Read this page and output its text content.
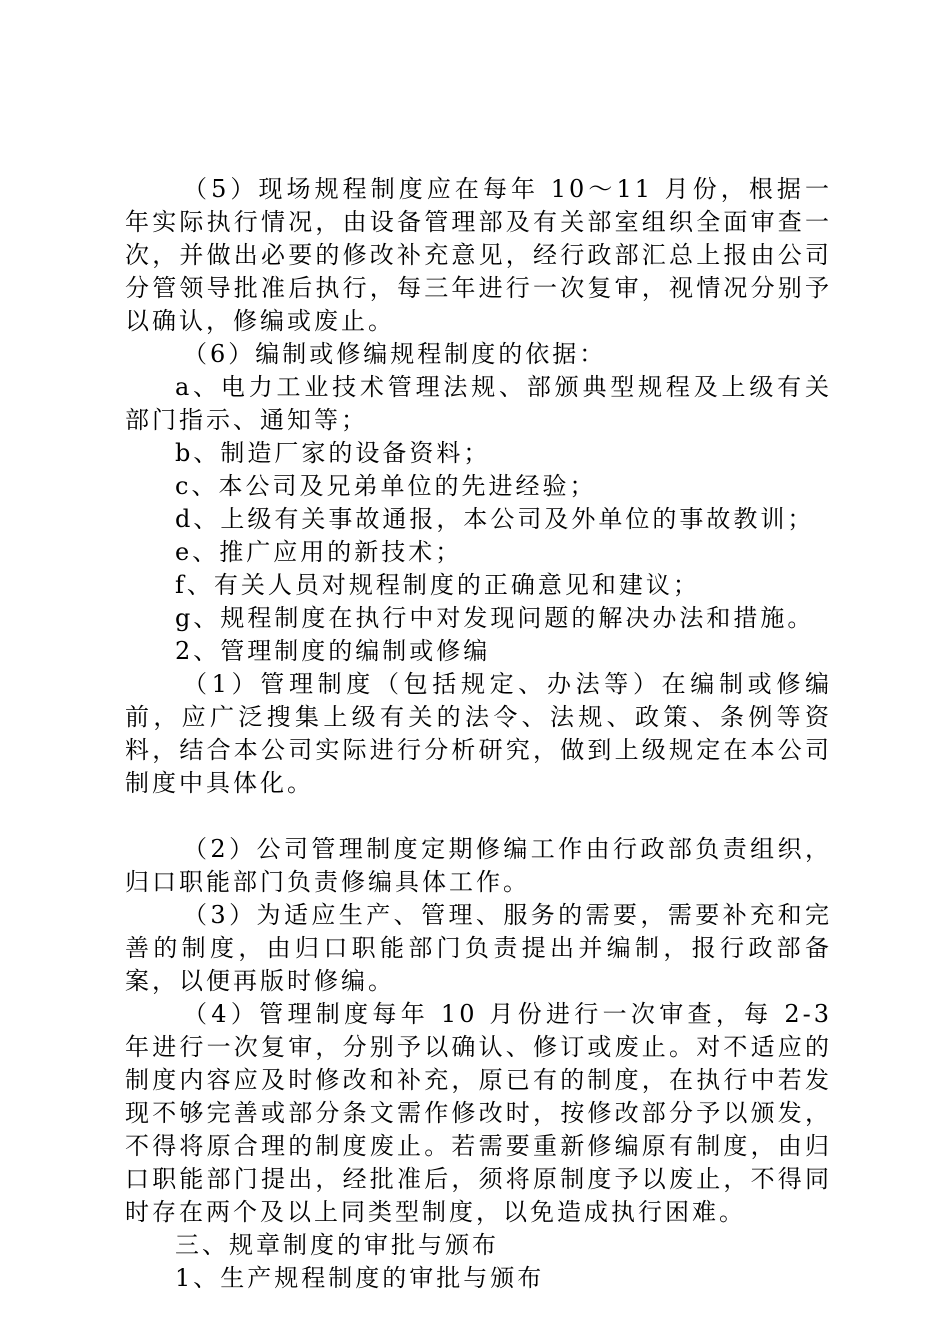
（5）现场规程制度应在每年 10～11 月份，根据一年实际执行情况，由设备管理部及有关部室组织全面审查一次，并做出必要的修改补充意见，经行政部汇总上报由公司分管领导批准后执行，每三年进行一次复审，视情况分别予以确认，修编或废止。

（6）编制或修编规程制度的依据：

a、电力工业技术管理法规、部颁典型规程及上级有关部门指示、通知等；

b、制造厂家的设备资料；

c、本公司及兄弟单位的先进经验；

d、上级有关事故通报，本公司及外单位的事故教训；

e、推广应用的新技术；

f、有关人员对规程制度的正确意见和建议；

g、规程制度在执行中对发现问题的解决办法和措施。

2、管理制度的编制或修编

（1）管理制度（包括规定、办法等）在编制或修编前，应广泛搜集上级有关的法令、法规、政策、条例等资料，结合本公司实际进行分析研究，做到上级规定在本公司制度中具体化。

（2）公司管理制度定期修编工作由行政部负责组织，归口职能部门负责修编具体工作。

（3）为适应生产、管理、服务的需要，需要补充和完善的制度，由归口职能部门负责提出并编制，报行政部备案，以便再版时修编。

（4）管理制度每年 10 月份进行一次审查，每 2-3 年进行一次复审，分别予以确认、修订或废止。对不适应的制度内容应及时修改和补充，原已有的制度，在执行中若发现不够完善或部分条文需作修改时，按修改部分予以颁发，不得将原合理的制度废止。若需要重新修编原有制度，由归口职能部门提出，经批准后，须将原制度予以废止，不得同时存在两个及以上同类型制度，以免造成执行困难。

三、规章制度的审批与颁布

1、生产规程制度的审批与颁布
